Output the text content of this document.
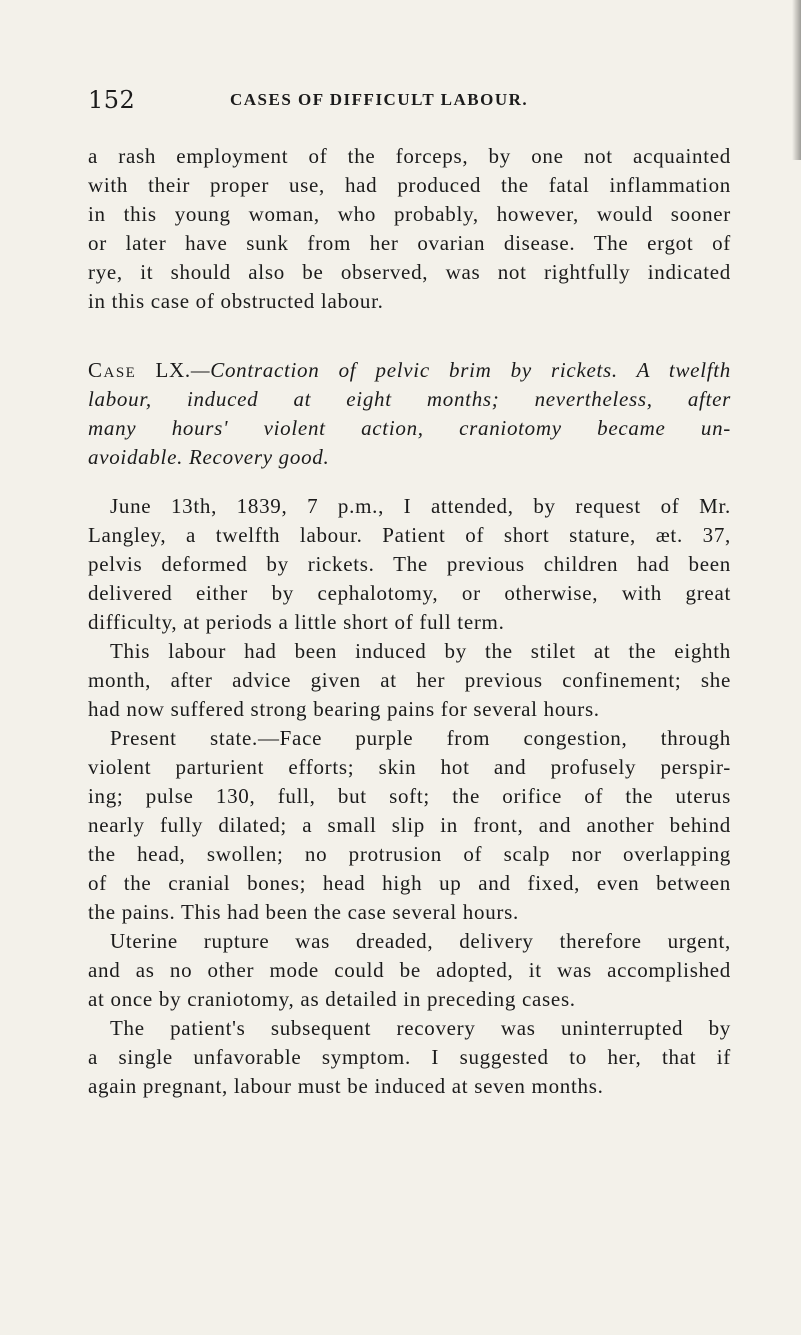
152	CASES OF DIFFICULT LABOUR.

a rash employment of the forceps, by one not acquainted
with their proper use, had produced the fatal inflammation
in this young woman, who probably, however, would sooner
or later have sunk from her ovarian disease. The ergot of
rye, it should also be observed, was not rightfully indicated
in this case of obstructed labour.

Case LX.—Contraction of pelvic brim by rickets. A twelfth
labour, induced at eight months; nevertheless, after
many hours' violent action, craniotomy became un-
avoidable. Recovery good.

June 13th, 1839, 7 p.m., I attended, by request of Mr.
Langley, a twelfth labour. Patient of short stature, æt. 37,
pelvis deformed by rickets. The previous children had been
delivered either by cephalotomy, or otherwise, with great
difficulty, at periods a little short of full term.

This labour had been induced by the stilet at the eighth
month, after advice given at her previous confinement; she
had now suffered strong bearing pains for several hours.

Present state.—Face purple from congestion, through
violent parturient efforts; skin hot and profusely perspir-
ing; pulse 130, full, but soft; the orifice of the uterus
nearly fully dilated; a small slip in front, and another behind
the head, swollen; no protrusion of scalp nor overlapping
of the cranial bones; head high up and fixed, even between
the pains. This had been the case several hours.

Uterine rupture was dreaded, delivery therefore urgent,
and as no other mode could be adopted, it was accomplished
at once by craniotomy, as detailed in preceding cases.

The patient's subsequent recovery was uninterrupted by
a single unfavorable symptom. I suggested to her, that if
again pregnant, labour must be induced at seven months.
